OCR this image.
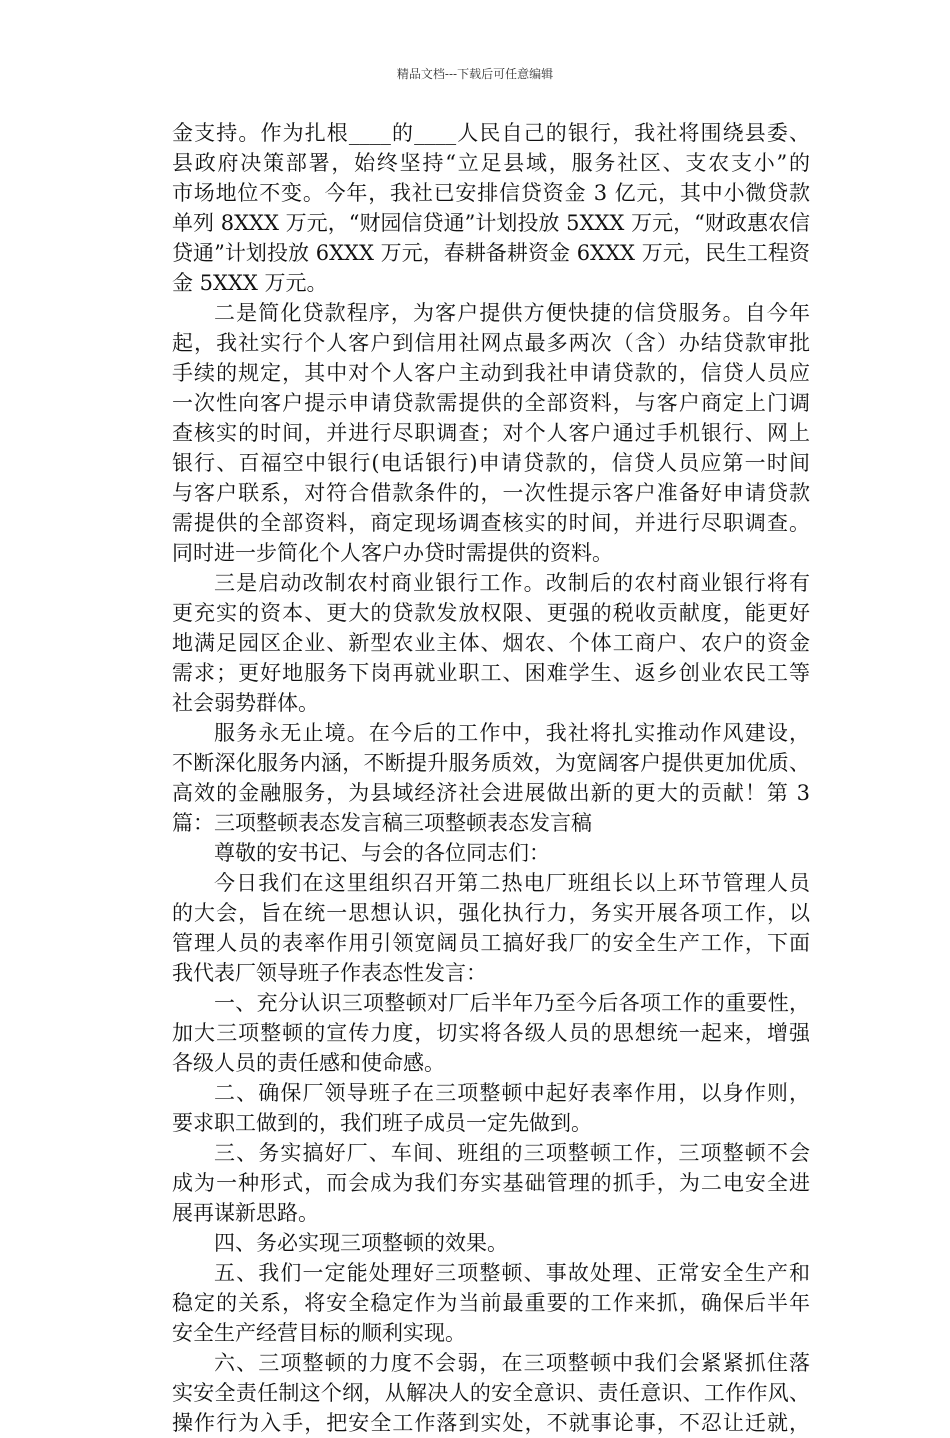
精品文档---下载后可任意编辑
金支持。作为扎根____的____人民自己的银行，我社将围绕县委、
县政府决策部署，始终坚持“立足县域，服务社区、支农支小”的
市场地位不变。今年，我社已安排信贷资金 3 亿元，其中小微贷款
单列 8XXX 万元，“财园信贷通”计划投放 5XXX 万元，“财政惠农信
贷通”计划投放 6XXX 万元，春耕备耕资金 6XXX 万元，民生工程资
金 5XXX 万元。
二是简化贷款程序，为客户提供方便快捷的信贷服务。自今年
起，我社实行个人客户到信用社网点最多两次（含）办结贷款审批
手续的规定，其中对个人客户主动到我社申请贷款的，信贷人员应
一次性向客户提示申请贷款需提供的全部资料，与客户商定上门调
查核实的时间，并进行尽职调查；对个人客户通过手机银行、网上
银行、百福空中银行(电话银行)申请贷款的，信贷人员应第一时间
与客户联系，对符合借款条件的，一次性提示客户准备好申请贷款
需提供的全部资料，商定现场调查核实的时间，并进行尽职调查。
同时进一步简化个人客户办贷时需提供的资料。
三是启动改制农村商业银行工作。改制后的农村商业银行将有
更充实的资本、更大的贷款发放权限、更强的税收贡献度，能更好
地满足园区企业、新型农业主体、烟农、个体工商户、农户的资金
需求；更好地服务下岗再就业职工、困难学生、返乡创业农民工等
社会弱势群体。
服务永无止境。在今后的工作中，我社将扎实推动作风建设，
不断深化服务内涵，不断提升服务质效，为宽阔客户提供更加优质、
高效的金融服务，为县域经济社会进展做出新的更大的贡献！第 3
篇：三项整顿表态发言稿三项整顿表态发言稿
尊敬的安书记、与会的各位同志们：
今日我们在这里组织召开第二热电厂班组长以上环节管理人员
的大会，旨在统一思想认识，强化执行力，务实开展各项工作，以
管理人员的表率作用引领宽阔员工搞好我厂的安全生产工作，下面
我代表厂领导班子作表态性发言：
一、充分认识三项整顿对厂后半年乃至今后各项工作的重要性，
加大三项整顿的宣传力度，切实将各级人员的思想统一起来，增强
各级人员的责任感和使命感。
二、确保厂领导班子在三项整顿中起好表率作用，以身作则，
要求职工做到的，我们班子成员一定先做到。
三、务实搞好厂、车间、班组的三项整顿工作，三项整顿不会
成为一种形式，而会成为我们夯实基础管理的抓手，为二电安全进
展再谋新思路。
四、务必实现三项整顿的效果。
五、我们一定能处理好三项整顿、事故处理、正常安全生产和
稳定的关系，将安全稳定作为当前最重要的工作来抓，确保后半年
安全生产经营目标的顺利实现。
六、三项整顿的力度不会弱，在三项整顿中我们会紧紧抓住落
实安全责任制这个纲，从解决人的安全意识、责任意识、工作作风、
操作行为入手，把安全工作落到实处，不就事论事，不忍让迁就，
